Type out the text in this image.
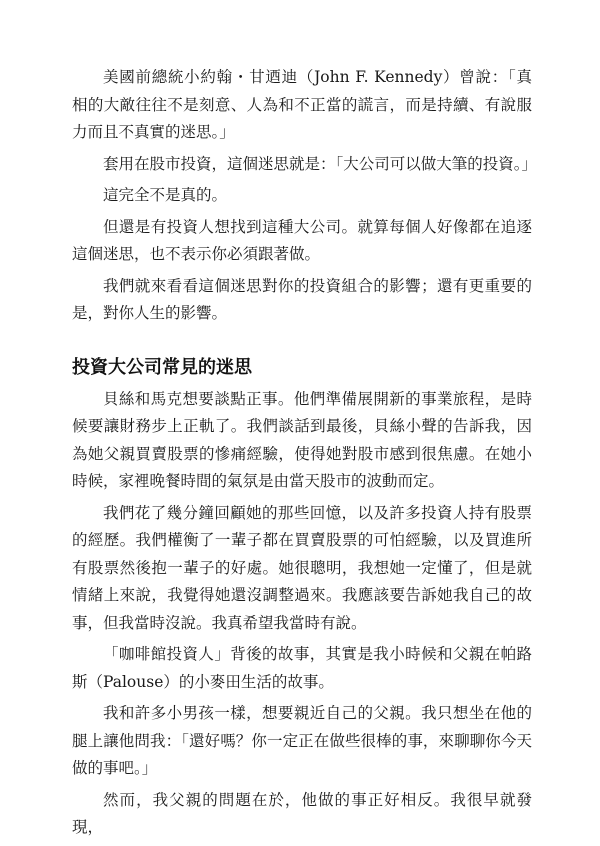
美國前總統小約翰・甘迺迪（John F. Kennedy）曾說：「真相的大敵往往不是刻意、人為和不正當的謊言，而是持續、有說服力而且不真實的迷思。」

套用在股市投資，這個迷思就是：「大公司可以做大筆的投資。」

這完全不是真的。

但還是有投資人想找到這種大公司。就算每個人好像都在追逐這個迷思，也不表示你必須跟著做。

我們就來看看這個迷思對你的投資組合的影響；還有更重要的是，對你人生的影響。

投資大公司常見的迷思

貝絲和馬克想要談點正事。他們準備展開新的事業旅程，是時候要讓財務步上正軌了。我們談話到最後，貝絲小聲的告訴我，因為她父親買賣股票的慘痛經驗，使得她對股市感到很焦慮。在她小時候，家裡晚餐時間的氣氛是由當天股市的波動而定。

我們花了幾分鐘回顧她的那些回憶，以及許多投資人持有股票的經歷。我們權衡了一輩子都在買賣股票的可怕經驗，以及買進所有股票然後抱一輩子的好處。她很聰明，我想她一定懂了，但是就情緒上來說，我覺得她還沒調整過來。我應該要告訴她我自己的故事，但我當時沒說。我真希望我當時有說。

「咖啡館投資人」背後的故事，其實是我小時候和父親在帕路斯（Palouse）的小麥田生活的故事。

我和許多小男孩一樣，想要親近自己的父親。我只想坐在他的腿上讓他問我：「還好嗎？你一定正在做些很棒的事，來聊聊你今天做的事吧。」

然而，我父親的問題在於，他做的事正好相反。我很早就發現，
